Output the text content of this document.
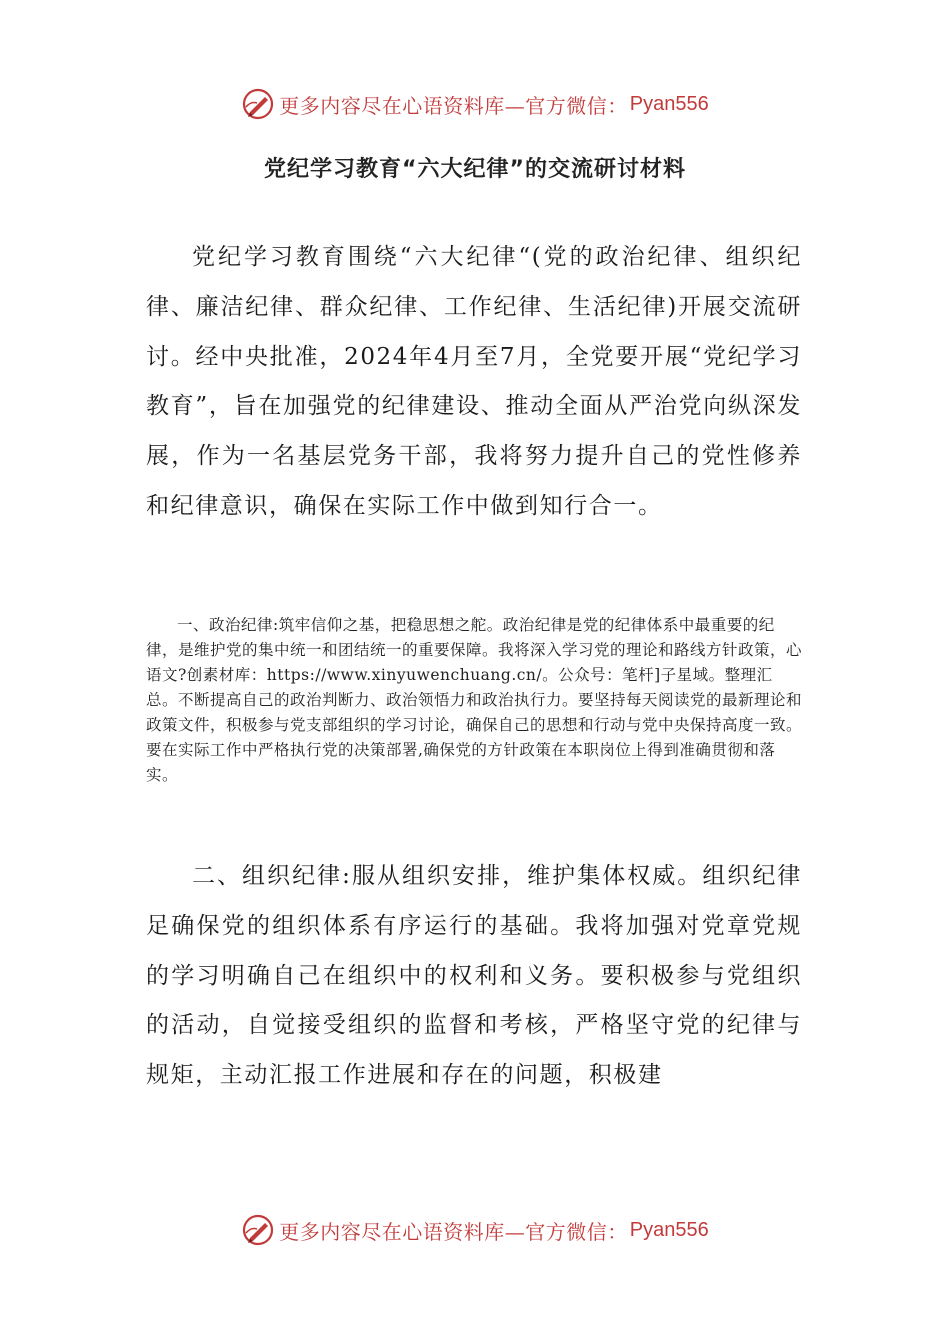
更多内容尽在心语资料库—官方微信： Pyan556
党纪学习教育“六大纪律”的交流研讨材料

党纪学习教育围绕“六大纪律“(党的政治纪律、组织纪律、廉洁纪律、群众纪律、工作纪律、生活纪律)开展交流研讨。经中央批准，2024年4月至7月，全党要开展“党纪学习教育”，旨在加强党的纪律建设、推动全面从严治党向纵深发展，作为一名基层党务干部，我将努力提升自己的党性修养和纪律意识，确保在实际工作中做到知行合一。

一、政治纪律:筑牢信仰之基，把稳思想之舵。政治纪律是党的纪律体系中最重要的纪律，是维护党的集中统一和团结统一的重要保障。我将深入学习党的理论和路线方针政策，心语文?创素材库：https://www.xinyuwenchuang.cn/。公众号：笔杆]子星域。整理汇总。不断提高自己的政治判断力、政治领悟力和政治执行力。要坚持每天阅读党的最新理论和政策文件，积极参与党支部组织的学习讨论，确保自己的思想和行动与党中央保持高度一致。要在实际工作中严格执行党的决策部署,确保党的方针政策在本职岗位上得到准确贯彻和落实。

二、组织纪律:服从组织安排，维护集体权威。组织纪律足确保党的组织体系有序运行的基础。我将加强对党章党规的学习明确自己在组织中的权利和义务。要积极参与党组织的活动，自觉接受组织的监督和考核，严格坚守党的纪律与规矩，主动汇报工作进展和存在的问题，积极建

更多内容尽在心语资料库—官方微信： Pyan556
